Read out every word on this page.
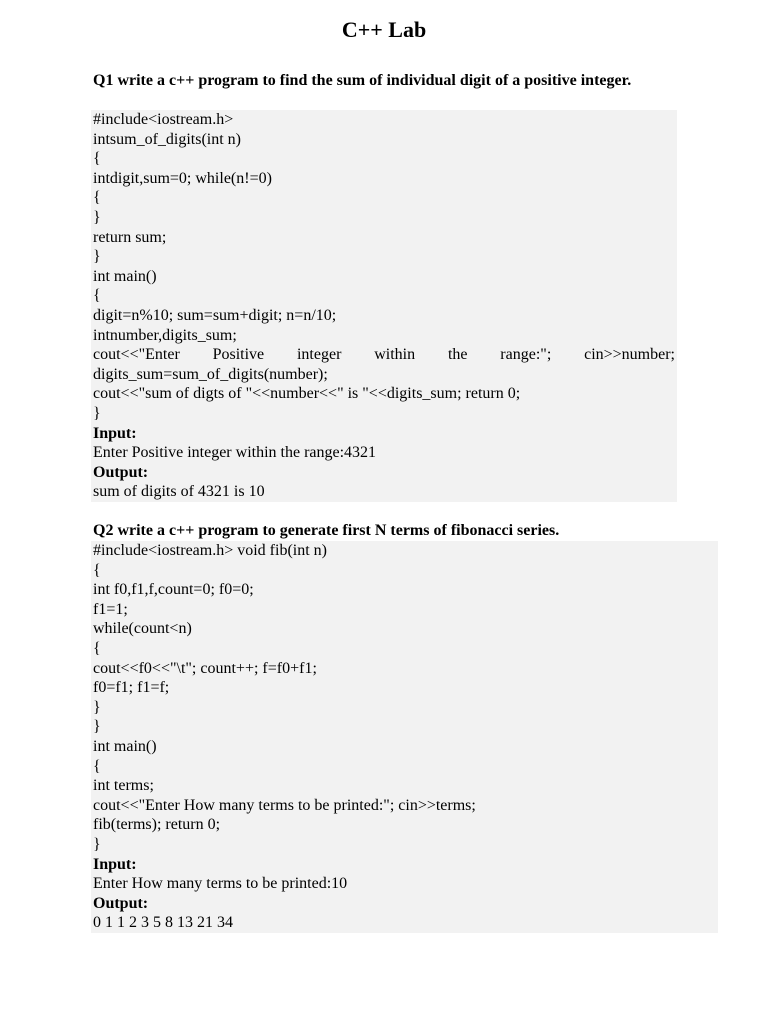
C++ Lab
Q1 write a c++ program to find the sum of individual digit of a positive integer.
#include<iostream.h>
intsum_of_digits(int n)
{
intdigit,sum=0; while(n!=0)
{
}
return sum;
}
int main()
{
digit=n%10; sum=sum+digit; n=n/10;
intnumber,digits_sum;
cout<<"Enter Positive integer within the range:"; cin>>number;
digits_sum=sum_of_digits(number);
cout<<"sum of digts of "<<number<<" is "<<digits_sum; return 0;
}
Input:
Enter Positive integer within the range:4321
Output:
sum of digits of 4321 is 10
Q2 write a c++ program to generate first N terms of fibonacci series.
#include<iostream.h> void fib(int n)
{
int f0,f1,f,count=0; f0=0;
f1=1;
while(count<n)
{
cout<<f0<<"\t"; count++; f=f0+f1;
f0=f1; f1=f;
}
}
int main()
{
int terms;
cout<<"Enter How many terms to be printed:"; cin>>terms;
fib(terms); return 0;
}
Input:
Enter How many terms to be printed:10
Output:
0 1 1 2 3 5 8 13 21 34
